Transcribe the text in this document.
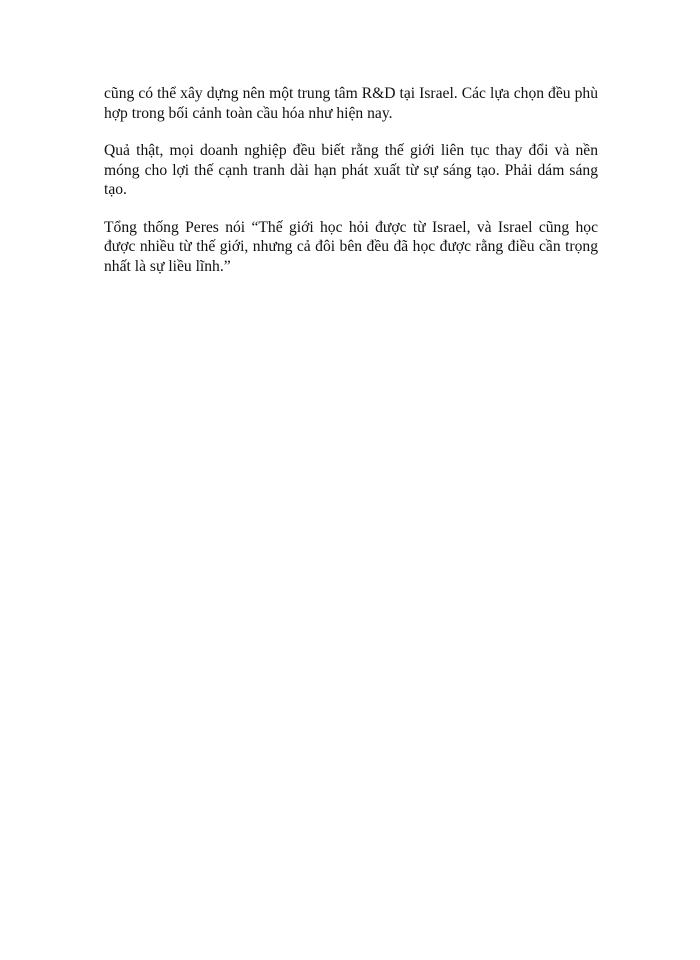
cũng có thể xây dựng nên một trung tâm R&D tại Israel. Các lựa chọn đều phù hợp trong bối cảnh toàn cầu hóa như hiện nay.

Quả thật, mọi doanh nghiệp đều biết rằng thế giới liên tục thay đổi và nền móng cho lợi thế cạnh tranh dài hạn phát xuất từ sự sáng tạo. Phải dám sáng tạo.

Tổng thống Peres nói “Thế giới học hỏi được từ Israel, và Israel cũng học được nhiều từ thế giới, nhưng cả đôi bên đều đã học được rằng điều cần trọng nhất là sự liều lĩnh.”
